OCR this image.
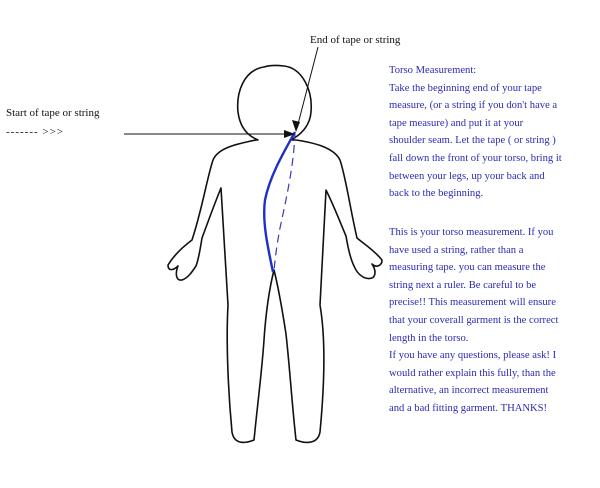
End of tape or string
Start of tape or string
------- >>>
Torso Measurement:
Take the beginning end of your tape
measure, (or a string if you don't have a
tape measure) and put it at your
shoulder seam. Let the tape ( or string )
fall down the front of your torso, bring it
between your legs, up your back and
back to the beginning.
This is your torso measurement. If you
have used a string, rather than a
measuring tape. you can measure the
string next a ruler. Be careful to be
precise!! This measurement will ensure
that your coverall garment is the correct
length in the torso.
If you have any questions, please ask! I
would rather explain this fully, than the
alternative, an incorrect measurement
and a bad fitting garment. THANKS!
